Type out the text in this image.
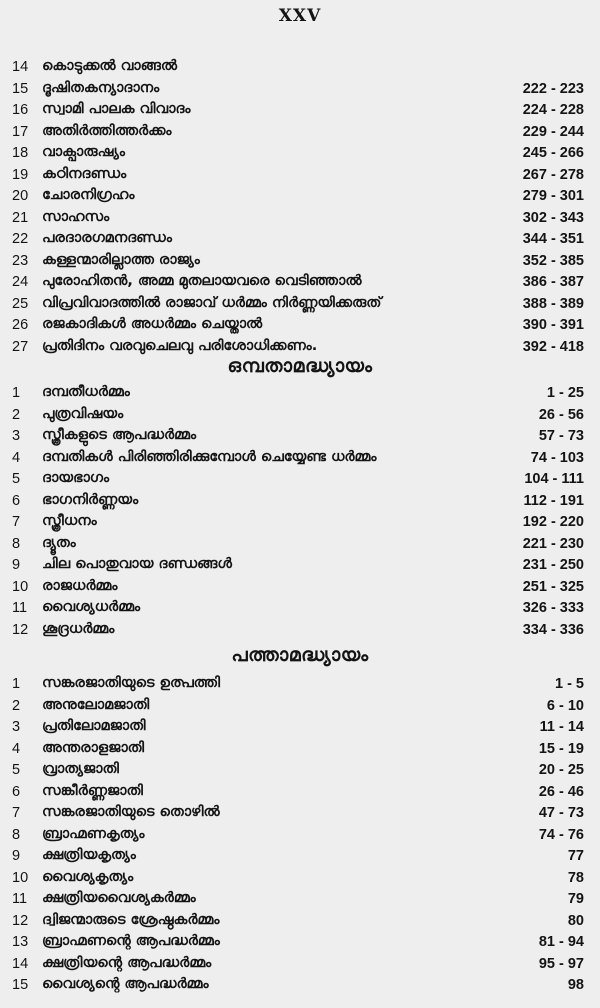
XXV
14 കൊടുക്കൽ വാങ്ങൽ
15 ദൂഷിതകന്യാദാനം	222 - 223
16 സ്വാമി പാലക വിവാദം	224 - 228
17 അതിർത്തിത്തർക്കം	229 - 244
18 വാക്പാരുഷ്യം	245 - 266
19 കഠിനദണ്ഡം	267 - 278
20 ചോരനിഗ്രഹം	279 - 301
21 സാഹസം	302 - 343
22 പരദാരഗമനദണ്ഡം	344 - 351
23 കള്ളന്മാരില്ലാത്ത രാജ്യം	352 - 385
24 പുരോഹിതൻ, അമ്മ മുതലായവരെ വെടിഞ്ഞാൽ	386 - 387
25 വിപ്രവിവാദത്തിൽ രാജാവ് ധർമ്മം നിർണ്ണയിക്കരുത്	388 - 389
26 രജകാദികൾ അധർമ്മം ചെയ്താൽ	390 - 391
27 പ്രതിദിനം വരവുചെലവു പരിശോധിക്കണം.	392 - 418
ഒമ്പതാമദ്ധ്യായം
1	ദമ്പതീധർമ്മം	1 - 25
2	പുത്രവിഷയം	26 - 56
3	സ്ത്രീകളുടെ ആപദ്ധർമ്മം	57 - 73
4	ദമ്പതികൾ പിരിഞ്ഞിരിക്കുമ്പോൾ ചെയ്യേണ്ട ധർമ്മം	74 - 103
5	ദായഭാഗം	104 - 111
6	ഭാഗനിർണ്ണയം	112 - 191
7	സ്ത്രീധനം	192 - 220
8	ദ്യൂതം	221 - 230
9	ചില പൊതുവായ ദണ്ഡങ്ങൾ	231 - 250
10 രാജധർമ്മം	251 - 325
11	വൈശ്യധർമ്മം	326 - 333
12 ശൂദ്രധർമ്മം	334 - 336
പത്താമദ്ധ്യായം
1	സങ്കരജാതിയുടെ ഉത്പത്തി	1 - 5
2	അനുലോമജാതി	6 - 10
3	പ്രതിലോമജാതി	11 - 14
4	അന്തരാളജാതി	15 - 19
5	വ്രാത്യജാതി	20 - 25
6	സങ്കീർണ്ണജാതി	26 - 46
7	സങ്കരജാതിയുടെ തൊഴിൽ	47 - 73
8	ബ്രാഹ്മണകൃത്യം	74 - 76
9	ക്ഷത്രിയകൃത്യം	77
10 വൈശ്യകൃത്യം	78
11	ക്ഷത്രിയവൈശ്യകർമ്മം	79
12 ദ്വിജന്മാരുടെ ശ്രേഷ്ഠകർമ്മം	80
13 ബ്രാഹ്മണന്റെ ആപദ്ധർമ്മം	81 - 94
14 ക്ഷത്രിയന്റെ ആപദ്ധർമ്മം	95 - 97
15 വൈശ്യന്റെ ആപദ്ധർമ്മം	98
